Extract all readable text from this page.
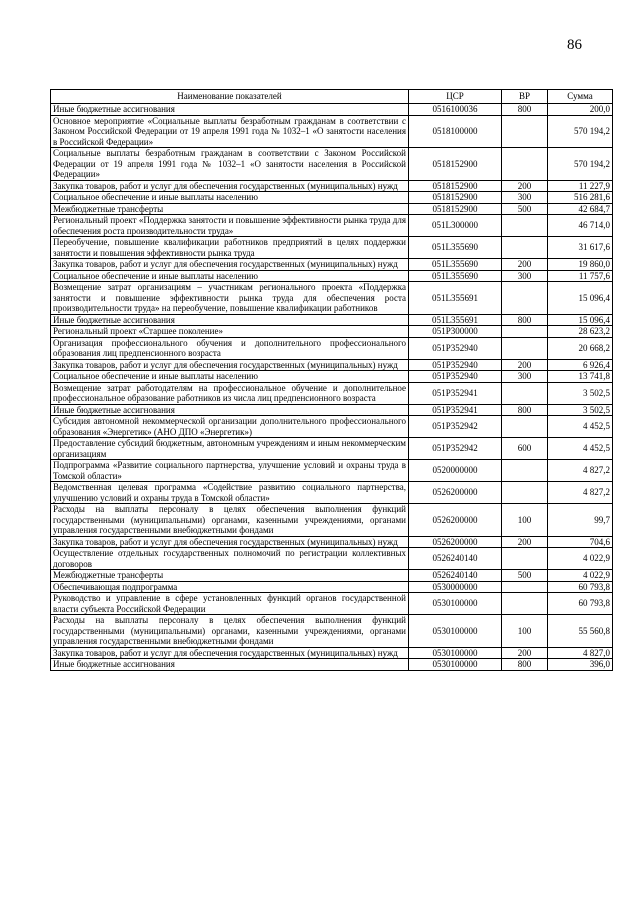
86
Наименование показателей	ЦСР	ВР	Сумма
Иные бюджетные ассигнования	0516100036	800	200,0
Основное мероприятие «Социальные выплаты безработным гражданам в соответствии с Законом Российской Федерации от 19 апреля 1991 года № 1032–1 «О занятости населения в Российской Федерации»	0518100000		570 194,2
Социальные выплаты безработным гражданам в соответствии с Законом Российской Федерации от 19 апреля 1991 года № 1032–1 «О занятости населения в Российской Федерации»	0518152900		570 194,2
Закупка товаров, работ и услуг для обеспечения государственных (муниципальных) нужд	0518152900	200	11 227,9
Социальное обеспечение и иные выплаты населению	0518152900	300	516 281,6
Межбюджетные трансферты	0518152900	500	42 684,7
Региональный проект «Поддержка занятости и повышение эффективности рынка труда для обеспечения роста производительности труда»	051L300000		46 714,0
Переобучение, повышение квалификации работников предприятий в целях поддержки занятости и повышения эффективности рынка труда	051L355690		31 617,6
Закупка товаров, работ и услуг для обеспечения государственных (муниципальных) нужд	051L355690	200	19 860,0
Социальное обеспечение и иные выплаты населению	051L355690	300	11 757,6
Возмещение затрат организациям – участникам регионального проекта «Поддержка занятости и повышение эффективности рынка труда для обеспечения роста производительности труда» на переобучение, повышение квалификации работников	051L355691		15 096,4
Иные бюджетные ассигнования	051L355691	800	15 096,4
Региональный проект «Старшее поколение»	051P300000		28 623,2
Организация профессионального обучения и дополнительного профессионального образования лиц предпенсионного возраста	051P352940		20 668,2
Закупка товаров, работ и услуг для обеспечения государственных (муниципальных) нужд	051P352940	200	6 926,4
Социальное обеспечение и иные выплаты населению	051P352940	300	13 741,8
Возмещение затрат работодателям на профессиональное обучение и дополнительное профессиональное образование работников из числа лиц предпенсионного возраста	051P352941		3 502,5
Иные бюджетные ассигнования	051P352941	800	3 502,5
Субсидия автономной некоммерческой организации дополнительного профессионального образования «Энергетик» (АНО ДПО «Энергетик»)	051P352942		4 452,5
Предоставление субсидий бюджетным, автономным учреждениям и иным некоммерческим организациям	051P352942	600	4 452,5
Подпрограмма «Развитие социального партнерства, улучшение условий и охраны труда в Томской области»	0520000000		4 827,2
Ведомственная целевая программа «Содействие развитию социального партнерства, улучшению условий и охраны труда в Томской области»	0526200000		4 827,2
Расходы на выплаты персоналу в целях обеспечения выполнения функций государственными (муниципальными) органами, казенными учреждениями, органами управления государственными внебюджетными фондами	0526200000	100	99,7
Закупка товаров, работ и услуг для обеспечения государственных (муниципальных) нужд	0526200000	200	704,6
Осуществление отдельных государственных полномочий по регистрации коллективных договоров	0526240140		4 022,9
Межбюджетные трансферты	0526240140	500	4 022,9
Обеспечивающая подпрограмма	0530000000		60 793,8
Руководство и управление в сфере установленных функций органов государственной власти субъекта Российской Федерации	0530100000		60 793,8
Расходы на выплаты персоналу в целях обеспечения выполнения функций государственными (муниципальными) органами, казенными учреждениями, органами управления государственными внебюджетными фондами	0530100000	100	55 560,8
Закупка товаров, работ и услуг для обеспечения государственных (муниципальных) нужд	0530100000	200	4 827,0
Иные бюджетные ассигнования	0530100000	800	396,0
